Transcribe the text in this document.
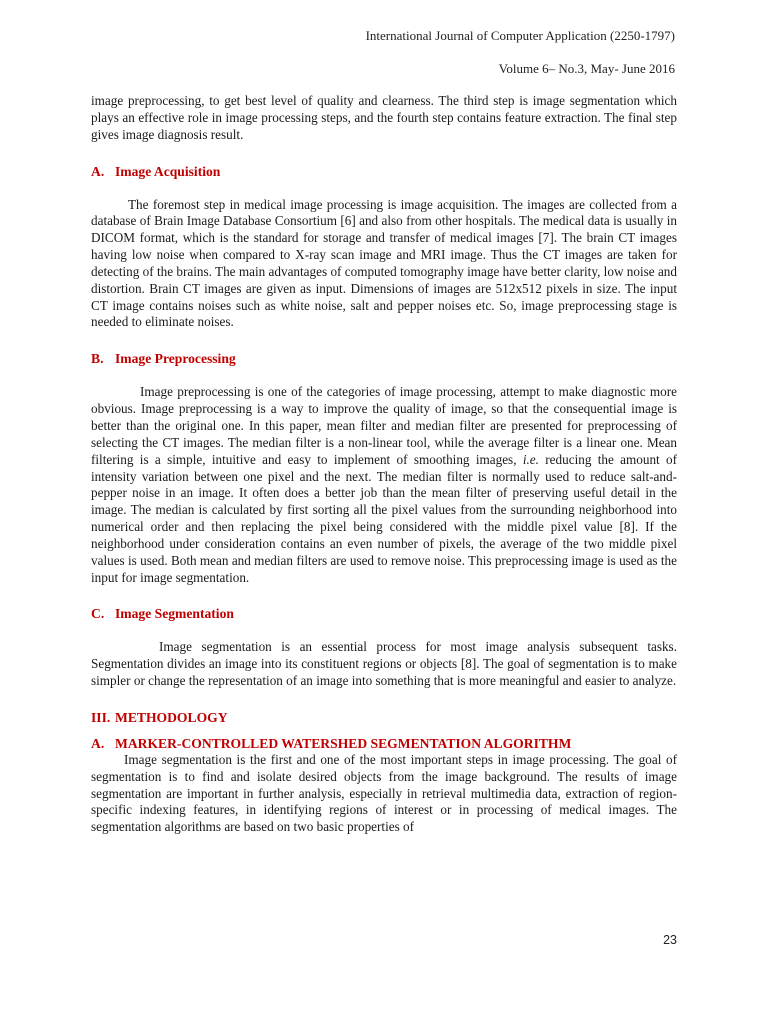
International Journal of Computer Application (2250-1797)
Volume 6– No.3, May- June 2016

image preprocessing, to get best level of quality and clearness. The third step is image segmentation which plays an effective role in image processing steps, and the fourth step contains feature extraction. The final step gives image diagnosis result.

A. Image Acquisition

The foremost step in medical image processing is image acquisition. The images are collected from a database of Brain Image Database Consortium [6] and also from other hospitals. The medical data is usually in DICOM format, which is the standard for storage and transfer of medical images [7]. The brain CT images having low noise when compared to X-ray scan image and MRI image. Thus the CT images are taken for detecting of the brains. The main advantages of computed tomography image have better clarity, low noise and distortion. Brain CT images are given as input. Dimensions of images are 512x512 pixels in size. The input CT image contains noises such as white noise, salt and pepper noises etc. So, image preprocessing stage is needed to eliminate noises.

B. Image Preprocessing

Image preprocessing is one of the categories of image processing, attempt to make diagnostic more obvious. Image preprocessing is a way to improve the quality of image, so that the consequential image is better than the original one. In this paper, mean filter and median filter are presented for preprocessing of selecting the CT images. The median filter is a non-linear tool, while the average filter is a linear one. Mean filtering is a simple, intuitive and easy to implement of smoothing images, i.e. reducing the amount of intensity variation between one pixel and the next. The median filter is normally used to reduce salt-and-pepper noise in an image. It often does a better job than the mean filter of preserving useful detail in the image. The median is calculated by first sorting all the pixel values from the surrounding neighborhood into numerical order and then replacing the pixel being considered with the middle pixel value [8]. If the neighborhood under consideration contains an even number of pixels, the average of the two middle pixel values is used. Both mean and median filters are used to remove noise. This preprocessing image is used as the input for image segmentation.

C. Image Segmentation

Image segmentation is an essential process for most image analysis subsequent tasks. Segmentation divides an image into its constituent regions or objects [8]. The goal of segmentation is to make simpler or change the representation of an image into something that is more meaningful and easier to analyze.

III. METHODOLOGY
A. MARKER-CONTROLLED WATERSHED SEGMENTATION ALGORITHM

Image segmentation is the first and one of the most important steps in image processing. The goal of segmentation is to find and isolate desired objects from the image background. The results of image segmentation are important in further analysis, especially in retrieval multimedia data, extraction of region-specific indexing features, in identifying regions of interest or in processing of medical images. The segmentation algorithms are based on two basic properties of

23
